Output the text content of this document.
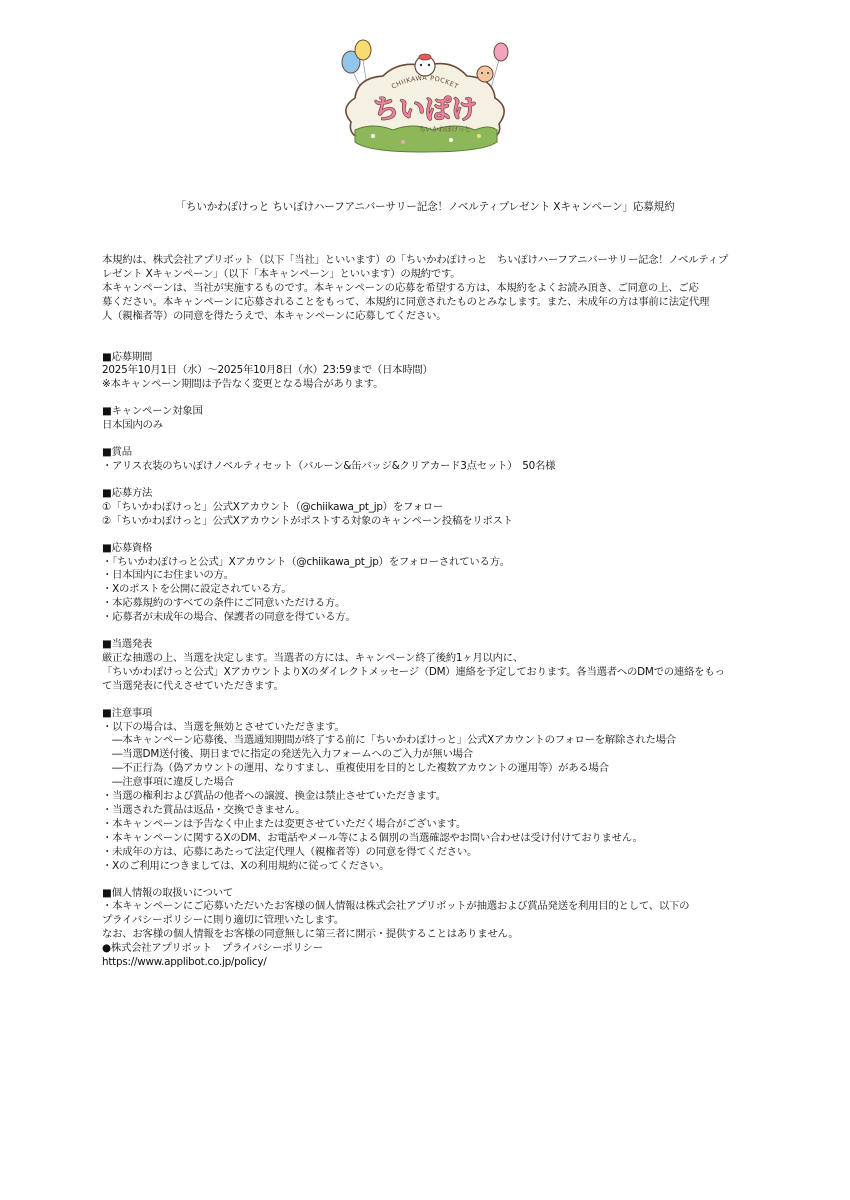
CHIIKAWA POCKET
ちいぽけ
ちいかわぽけっと
「ちいかわぽけっと ちいぽけハーフアニバーサリー記念！ノベルティプレゼント Xキャンペーン」応募規約
本規約は、株式会社アプリボット（以下「当社」といいます）の「ちいかわぽけっと　ちいぽけハーフアニバーサリー記念！ノベルティプ
レゼント Xキャンペーン」（以下「本キャンペーン」といいます）の規約です。
本キャンペーンは、当社が実施するものです。本キャンペーンの応募を希望する方は、本規約をよくお読み頂き、ご同意の上、ご応
募ください。本キャンペーンに応募されることをもって、本規約に同意されたものとみなします。また、未成年の方は事前に法定代理
人（親権者等）の同意を得たうえで、本キャンペーンに応募してください。
■応募期間
2025年10月1日（水）～2025年10月8日（水）23:59まで（日本時間）
※本キャンペーン期間は予告なく変更となる場合があります。
■キャンペーン対象国
日本国内のみ
■賞品
・アリス衣装のちいぽけノベルティセット（バルーン&缶バッジ&クリアカード3点セット）　50名様
■応募方法
①「ちいかわぽけっと」公式Xアカウント（@chiikawa_pt_jp）をフォロー
②「ちいかわぽけっと」公式Xアカウントがポストする対象のキャンペーン投稿をリポスト
■応募資格
・「ちいかわぽけっと公式」Xアカウント（@chiikawa_pt_jp）をフォローされている方。
・日本国内にお住まいの方。
・Xのポストを公開に設定されている方。
・本応募規約のすべての条件にご同意いただける方。
・応募者が未成年の場合、保護者の同意を得ている方。
■当選発表
厳正な抽選の上、当選を決定します。当選者の方には、キャンペーン終了後約1ヶ月以内に、
「ちいかわぽけっと公式」XアカウントよりXのダイレクトメッセージ（DM）連絡を予定しております。各当選者へのDMでの連絡をもっ
て当選発表に代えさせていただきます。
■注意事項
・以下の場合は、当選を無効とさせていただきます。
　―本キャンペーン応募後、当選通知期間が終了する前に「ちいかわぽけっと」公式Xアカウントのフォローを解除された場合
　―当選DM送付後、期日までに指定の発送先入力フォームへのご入力が無い場合
　―不正行為（偽アカウントの運用、なりすまし、重複使用を目的とした複数アカウントの運用等）がある場合
　―注意事項に違反した場合
・当選の権利および賞品の他者への譲渡、換金は禁止させていただきます。
・当選された賞品は返品・交換できません。
・本キャンペーンは予告なく中止または変更させていただく場合がございます。
・本キャンペーンに関するXのDM、お電話やメール等による個別の当選確認やお問い合わせは受け付けておりません。
・未成年の方は、応募にあたって法定代理人（親権者等）の同意を得てください。
・Xのご利用につきましては、Xの利用規約に従ってください。
■個人情報の取扱いについて
・本キャンペーンにご応募いただいたお客様の個人情報は株式会社アプリボットが抽選および賞品発送を利用目的として、以下の
プライバシーポリシーに則り適切に管理いたします。
なお、お客様の個人情報をお客様の同意無しに第三者に開示・提供することはありません。
●株式会社アプリボット　プライバシーポリシー
https://www.applibot.co.jp/policy/
